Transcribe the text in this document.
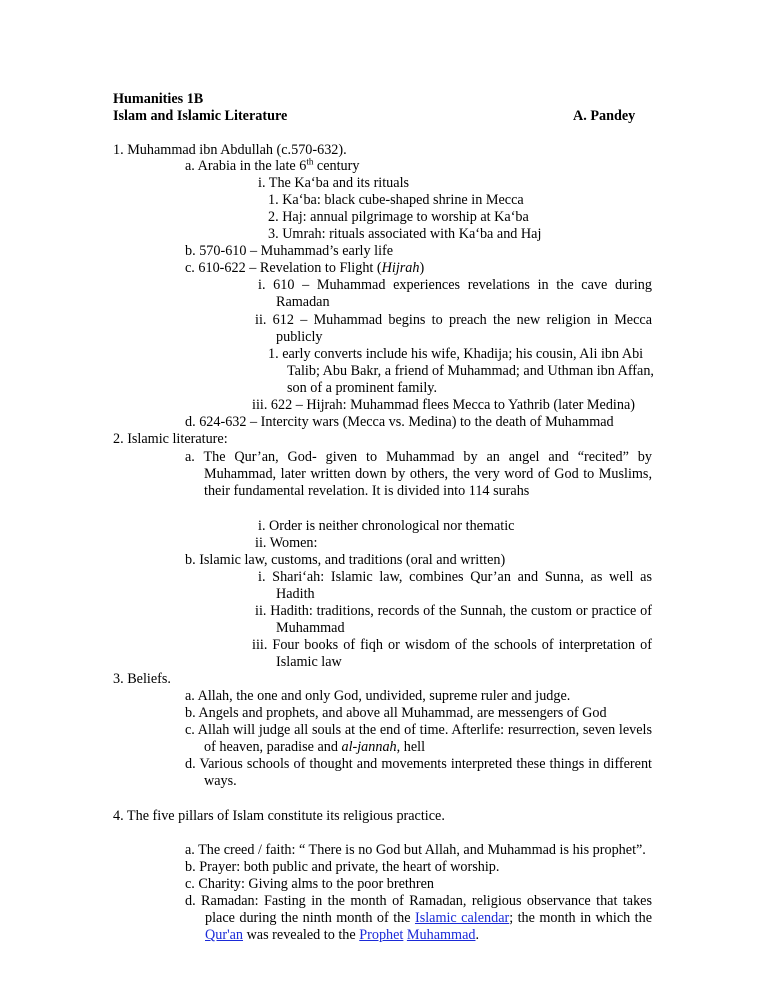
Humanities 1B
Islam and Islamic Literature	A. Pandey
1. Muhammad ibn Abdullah (c.570-632).
a. Arabia in the late 6th century
i. The Ka‘ba and its rituals
1. Ka‘ba: black cube-shaped shrine in Mecca
2. Haj: annual pilgrimage to worship at Ka‘ba
3. Umrah: rituals associated with Ka‘ba and Haj
b. 570-610 – Muhammad’s early life
c. 610-622 – Revelation to Flight (Hijrah)
i. 610 – Muhammad experiences revelations in the cave during
Ramadan
ii. 612 – Muhammad begins to preach the new religion in Mecca
publicly
1. early converts include his wife, Khadija; his cousin, Ali ibn Abi
Talib; Abu Bakr, a friend of Muhammad; and Uthman ibn Affan,
son of a prominent family.
iii. 622 – Hijrah: Muhammad flees Mecca to Yathrib (later Medina)
d. 624-632 – Intercity wars (Mecca vs. Medina) to the death of Muhammad
2. Islamic literature:
a. The Qur’an, God- given to Muhammad by an angel and “recited” by
Muhammad, later written down by others, the very word of God to Muslims,
their fundamental revelation. It is divided into 114 surahs
i. Order is neither chronological nor thematic
ii. Women:
b. Islamic law, customs, and traditions (oral and written)
i. Shari‘ah: Islamic law, combines Qur’an and Sunna, as well as
Hadith
ii. Hadith: traditions, records of the Sunnah, the custom or practice of
Muhammad
iii. Four books of fiqh or wisdom of the schools of interpretation of
Islamic law
3. Beliefs.
a. Allah, the one and only God, undivided, supreme ruler and judge.
b. Angels and prophets, and above all Muhammad, are messengers of God
c. Allah will judge all souls at the end of time. Afterlife: resurrection, seven levels
of heaven, paradise and al-jannah, hell
d. Various schools of thought and movements interpreted these things in different
ways.
4. The five pillars of Islam constitute its religious practice.
a. The creed / faith: “ There is no God but Allah, and Muhammad is his prophet”.
b. Prayer: both public and private, the heart of worship.
c. Charity: Giving alms to the poor brethren
d. Ramadan: Fasting in the month of Ramadan, religious observance that takes
place during the ninth month of the Islamic calendar; the month in which the
Qur'an was revealed to the Prophet Muhammad.
